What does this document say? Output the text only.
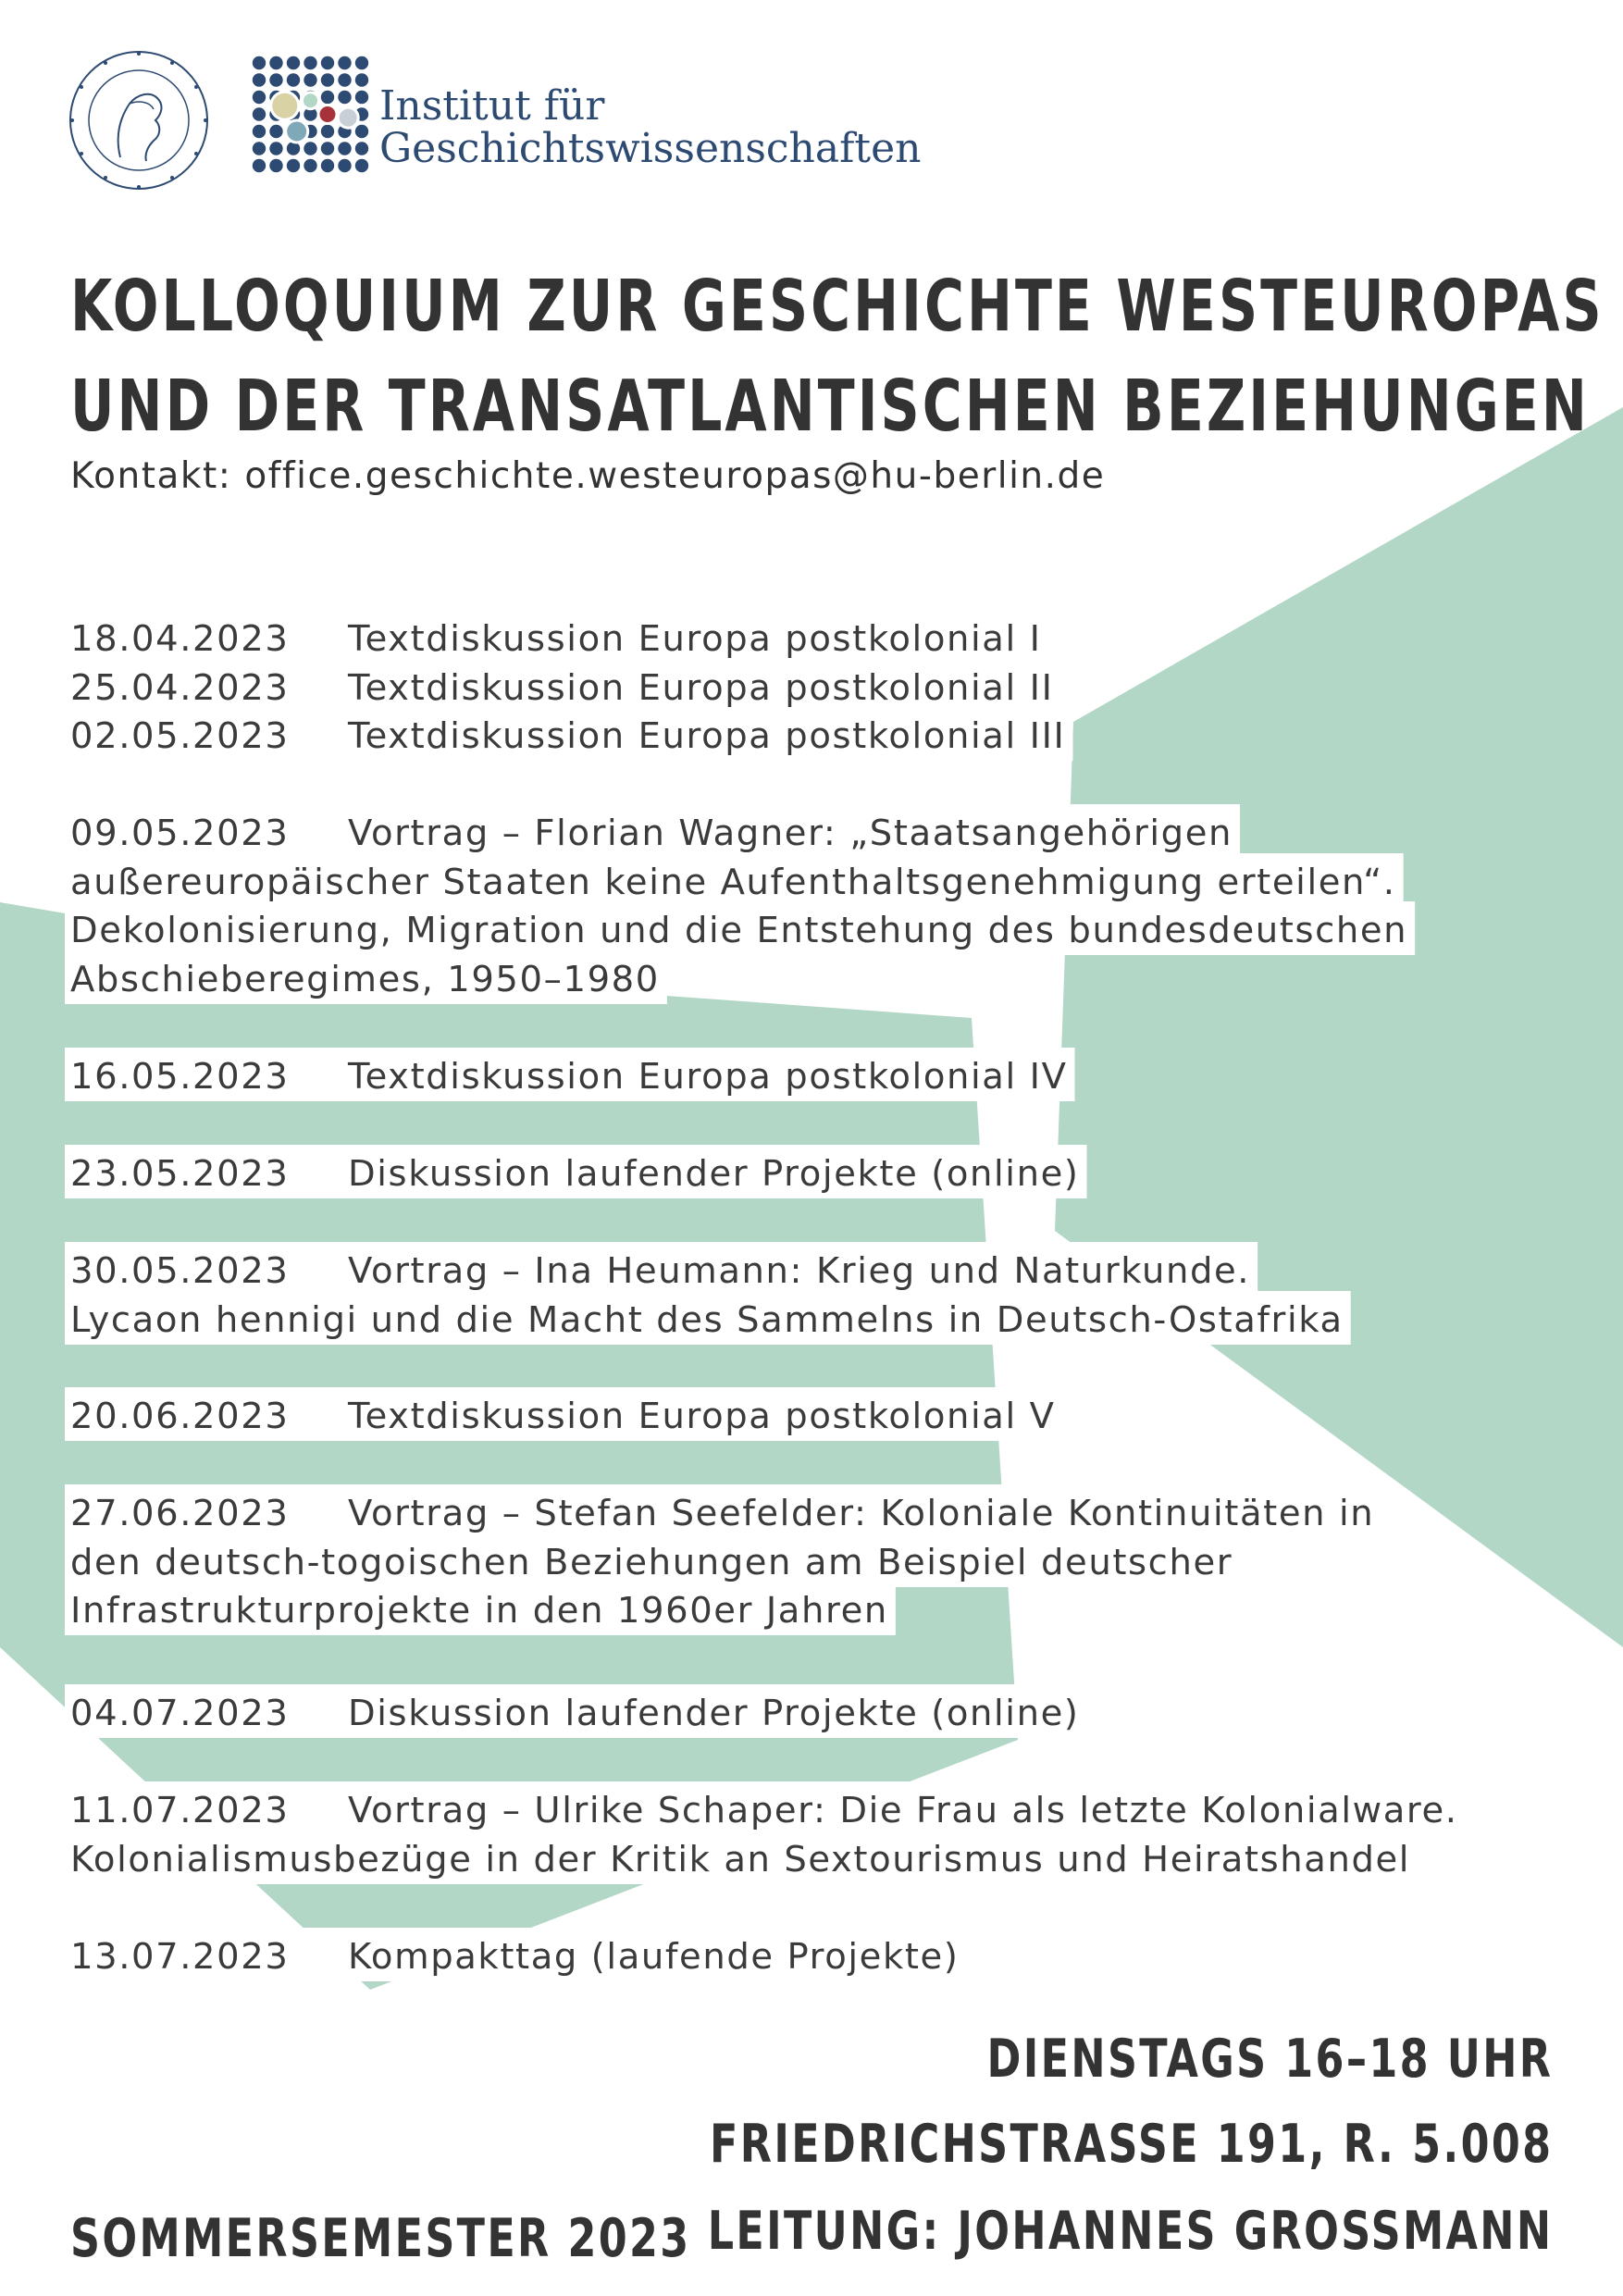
Institut für
Geschichtswissenschaften
KOLLOQUIUM ZUR GESCHICHTE WESTEUROPAS
UND DER TRANSATLANTISCHEN BEZIEHUNGEN
Kontakt: office.geschichte.westeuropas@hu-berlin.de
18.04.2023 Textdiskussion Europa postkolonial I
25.04.2023 Textdiskussion Europa postkolonial II
02.05.2023 Textdiskussion Europa postkolonial III
09.05.2023 Vortrag – Florian Wagner: „Staatsangehörigen
außereuropäischer Staaten keine Aufenthaltsgenehmigung erteilen“.
Dekolonisierung, Migration und die Entstehung des bundesdeutschen
Abschieberegimes, 1950–1980
16.05.2023 Textdiskussion Europa postkolonial IV
23.05.2023 Diskussion laufender Projekte (online)
30.05.2023 Vortrag – Ina Heumann: Krieg und Naturkunde.
Lycaon hennigi und die Macht des Sammelns in Deutsch-Ostafrika
20.06.2023 Textdiskussion Europa postkolonial V
27.06.2023 Vortrag – Stefan Seefelder: Koloniale Kontinuitäten in
den deutsch-togoischen Beziehungen am Beispiel deutscher
Infrastrukturprojekte in den 1960er Jahren
04.07.2023 Diskussion laufender Projekte (online)
11.07.2023 Vortrag – Ulrike Schaper: Die Frau als letzte Kolonialware.
Kolonialismusbezüge in der Kritik an Sextourismus und Heiratshandel
13.07.2023 Kompakttag (laufende Projekte)
DIENSTAGS 16–18 UHR
FRIEDRICHSTRASSE 191, R. 5.008
LEITUNG: JOHANNES GROSSMANN
SOMMERSEMESTER 2023
